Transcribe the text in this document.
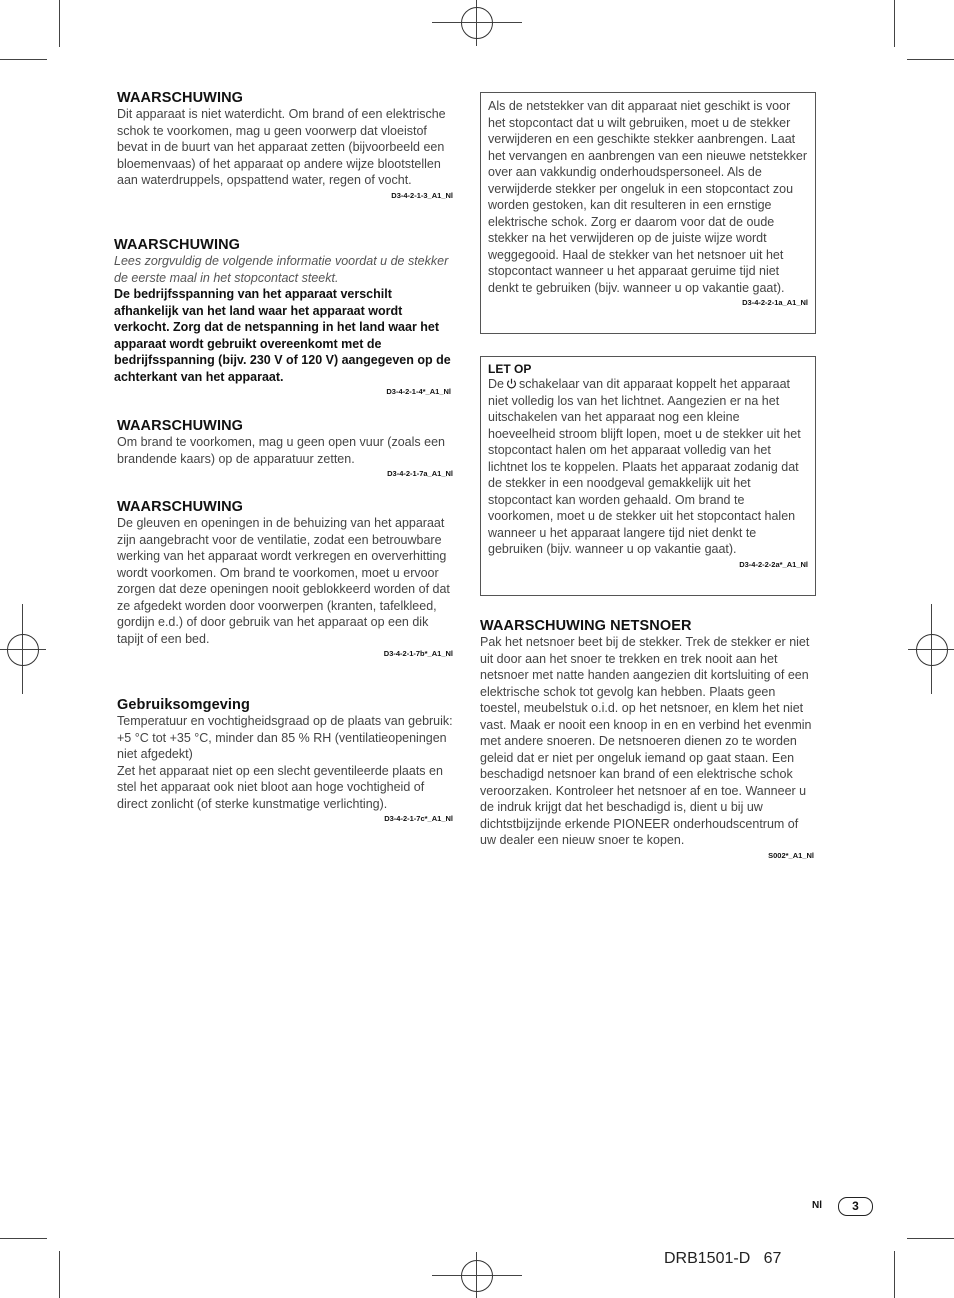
WAARSCHUWING

Dit apparaat is niet waterdicht. Om brand of een elektrische schok te voorkomen, mag u geen voorwerp dat vloeistof bevat in de buurt van het apparaat zetten (bijvoorbeeld een bloemenvaas) of het apparaat op andere wijze blootstellen aan waterdruppels, opspattend water, regen of vocht.

D3-4-2-1-3_A1_Nl
WAARSCHUWING

Lees zorgvuldig de volgende informatie voordat u de stekker de eerste maal in het stopcontact steekt.

De bedrijfsspanning van het apparaat verschilt afhankelijk van het land waar het apparaat wordt verkocht. Zorg dat de netspanning in het land waar het apparaat wordt gebruikt overeenkomt met de bedrijfsspanning (bijv. 230 V of 120 V) aangegeven op de achterkant van het apparaat.

D3-4-2-1-4*_A1_Nl
WAARSCHUWING

Om brand te voorkomen, mag u geen open vuur (zoals een brandende kaars) op de apparatuur zetten.

D3-4-2-1-7a_A1_Nl
WAARSCHUWING

De gleuven en openingen in de behuizing van het apparaat zijn aangebracht voor de ventilatie, zodat een betrouwbare werking van het apparaat wordt verkregen en oververhitting wordt voorkomen. Om brand te voorkomen, moet u ervoor zorgen dat deze openingen nooit geblokkeerd worden of dat ze afgedekt worden door voorwerpen (kranten, tafelkleed, gordijn e.d.) of door gebruik van het apparaat op een dik tapijt of een bed.

D3-4-2-1-7b*_A1_Nl
Gebruiksomgeving

Temperatuur en vochtigheidsgraad op de plaats van gebruik:

+5 °C tot +35 °C, minder dan 85 % RH (ventilatieopeningen niet afgedekt)

Zet het apparaat niet op een slecht geventileerde plaats en stel het apparaat ook niet bloot aan hoge vochtigheid of direct zonlicht (of sterke kunstmatige verlichting).

D3-4-2-1-7c*_A1_Nl

Als de netstekker van dit apparaat niet geschikt is voor het stopcontact dat u wilt gebruiken, moet u de stekker verwijderen en een geschikte stekker aanbrengen. Laat het vervangen en aanbrengen van een nieuwe netstekker over aan vakkundig onderhoudspersoneel. Als de verwijderde stekker per ongeluk in een stopcontact zou worden gestoken, kan dit resulteren in een ernstige elektrische schok. Zorg er daarom voor dat de oude stekker na het verwijderen op de juiste wijze wordt weggegooid. Haal de stekker van het netsnoer uit het stopcontact wanneer u het apparaat geruime tijd niet denkt te gebruiken (bijv. wanneer u op vakantie gaat).

D3-4-2-2-1a_A1_Nl
LET OP

De schakelaar van dit apparaat koppelt het apparaat niet volledig los van het lichtnet. Aangezien er na het uitschakelen van het apparaat nog een kleine hoeveelheid stroom blijft lopen, moet u de stekker uit het stopcontact halen om het apparaat volledig van het lichtnet los te koppelen. Plaats het apparaat zodanig dat de stekker in een noodgeval gemakkelijk uit het stopcontact kan worden gehaald. Om brand te voorkomen, moet u de stekker uit het stopcontact halen wanneer u het apparaat langere tijd niet denkt te gebruiken (bijv. wanneer u op vakantie gaat).

D3-4-2-2-2a*_A1_Nl
WAARSCHUWING NETSNOER

Pak het netsnoer beet bij de stekker. Trek de stekker er niet uit door aan het snoer te trekken en trek nooit aan het netsnoer met natte handen aangezien dit kortsluiting of een elektrische schok tot gevolg kan hebben. Plaats geen toestel, meubelstuk o.i.d. op het netsnoer, en klem het niet vast. Maak er nooit een knoop in en en verbind het evenmin met andere snoeren. De netsnoeren dienen zo te worden geleid dat er niet per ongeluk iemand op gaat staan. Een beschadigd netsnoer kan brand of een elektrische schok veroorzaken. Kontroleer het netsnoer af en toe. Wanneer u de indruk krijgt dat het beschadigd is, dient u bij uw dichtstbijzijnde erkende PIONEER onderhoudscentrum of uw dealer een nieuw snoer te kopen.

S002*_A1_Nl
Nl	3
DRB1501-D 67
